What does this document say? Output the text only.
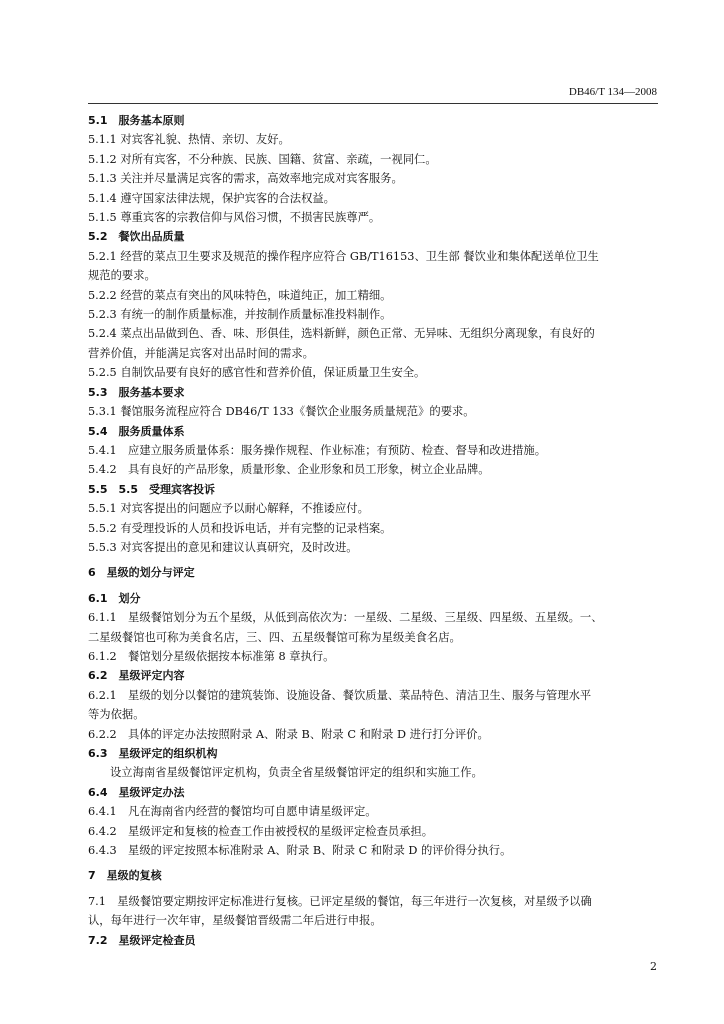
DB46/T 134—2008
5.1　服务基本原则
5.1.1 对宾客礼貌、热情、亲切、友好。
5.1.2 对所有宾客，不分种族、民族、国籍、贫富、亲疏，一视同仁。
5.1.3 关注并尽量满足宾客的需求，高效率地完成对宾客服务。
5.1.4 遵守国家法律法规，保护宾客的合法权益。
5.1.5 尊重宾客的宗教信仰与风俗习惯，不损害民族尊严。
5.2　餐饮出品质量
5.2.1 经营的菜点卫生要求及规范的操作程序应符合 GB/T16153、卫生部 餐饮业和集体配送单位卫生
规范的要求。
5.2.2 经营的菜点有突出的风味特色，味道纯正，加工精细。
5.2.3 有统一的制作质量标准，并按制作质量标准投料制作。
5.2.4 菜点出品做到色、香、味、形俱佳，选料新鲜，颜色正常、无异味、无组织分离现象，有良好的
营养价值，并能满足宾客对出品时间的需求。
5.2.5 自制饮品要有良好的感官性和营养价值，保证质量卫生安全。
5.3　服务基本要求
5.3.1 餐馆服务流程应符合 DB46/T 133《餐饮企业服务质量规范》的要求。
5.4　服务质量体系
5.4.1　应建立服务质量体系：服务操作规程、作业标准；有预防、检查、督导和改进措施。
5.4.2　具有良好的产品形象，质量形象、企业形象和员工形象，树立企业品牌。
5.5　5.5　受理宾客投诉
5.5.1 对宾客提出的问题应予以耐心解释，不推诿应付。
5.5.2 有受理投诉的人员和投诉电话，并有完整的记录档案。
5.5.3 对宾客提出的意见和建议认真研究，及时改进。
6　星级的划分与评定
6.1　划分
6.1.1　星级餐馆划分为五个星级，从低到高依次为：一星级、二星级、三星级、四星级、五星级。一、
二星级餐馆也可称为美食名店，三、四、五星级餐馆可称为星级美食名店。
6.1.2　餐馆划分星级依据按本标准第 8 章执行。
6.2　星级评定内容
6.2.1　星级的划分以餐馆的建筑装饰、设施设备、餐饮质量、菜品特色、清洁卫生、服务与管理水平
等为依据。
6.2.2　具体的评定办法按照附录 A、附录 B、附录 C 和附录 D 进行打分评价。
6.3　星级评定的组织机构
设立海南省星级餐馆评定机构，负责全省星级餐馆评定的组织和实施工作。
6.4　星级评定办法
6.4.1　凡在海南省内经营的餐馆均可自愿申请星级评定。
6.4.2　星级评定和复核的检查工作由被授权的星级评定检查员承担。
6.4.3　星级的评定按照本标准附录 A、附录 B、附录 C 和附录 D 的评价得分执行。
7　星级的复核
7.1　星级餐馆要定期按评定标准进行复核。已评定星级的餐馆，每三年进行一次复核，对星级予以确
认，每年进行一次年审，星级餐馆晋级需二年后进行申报。
7.2　星级评定检查员
2
